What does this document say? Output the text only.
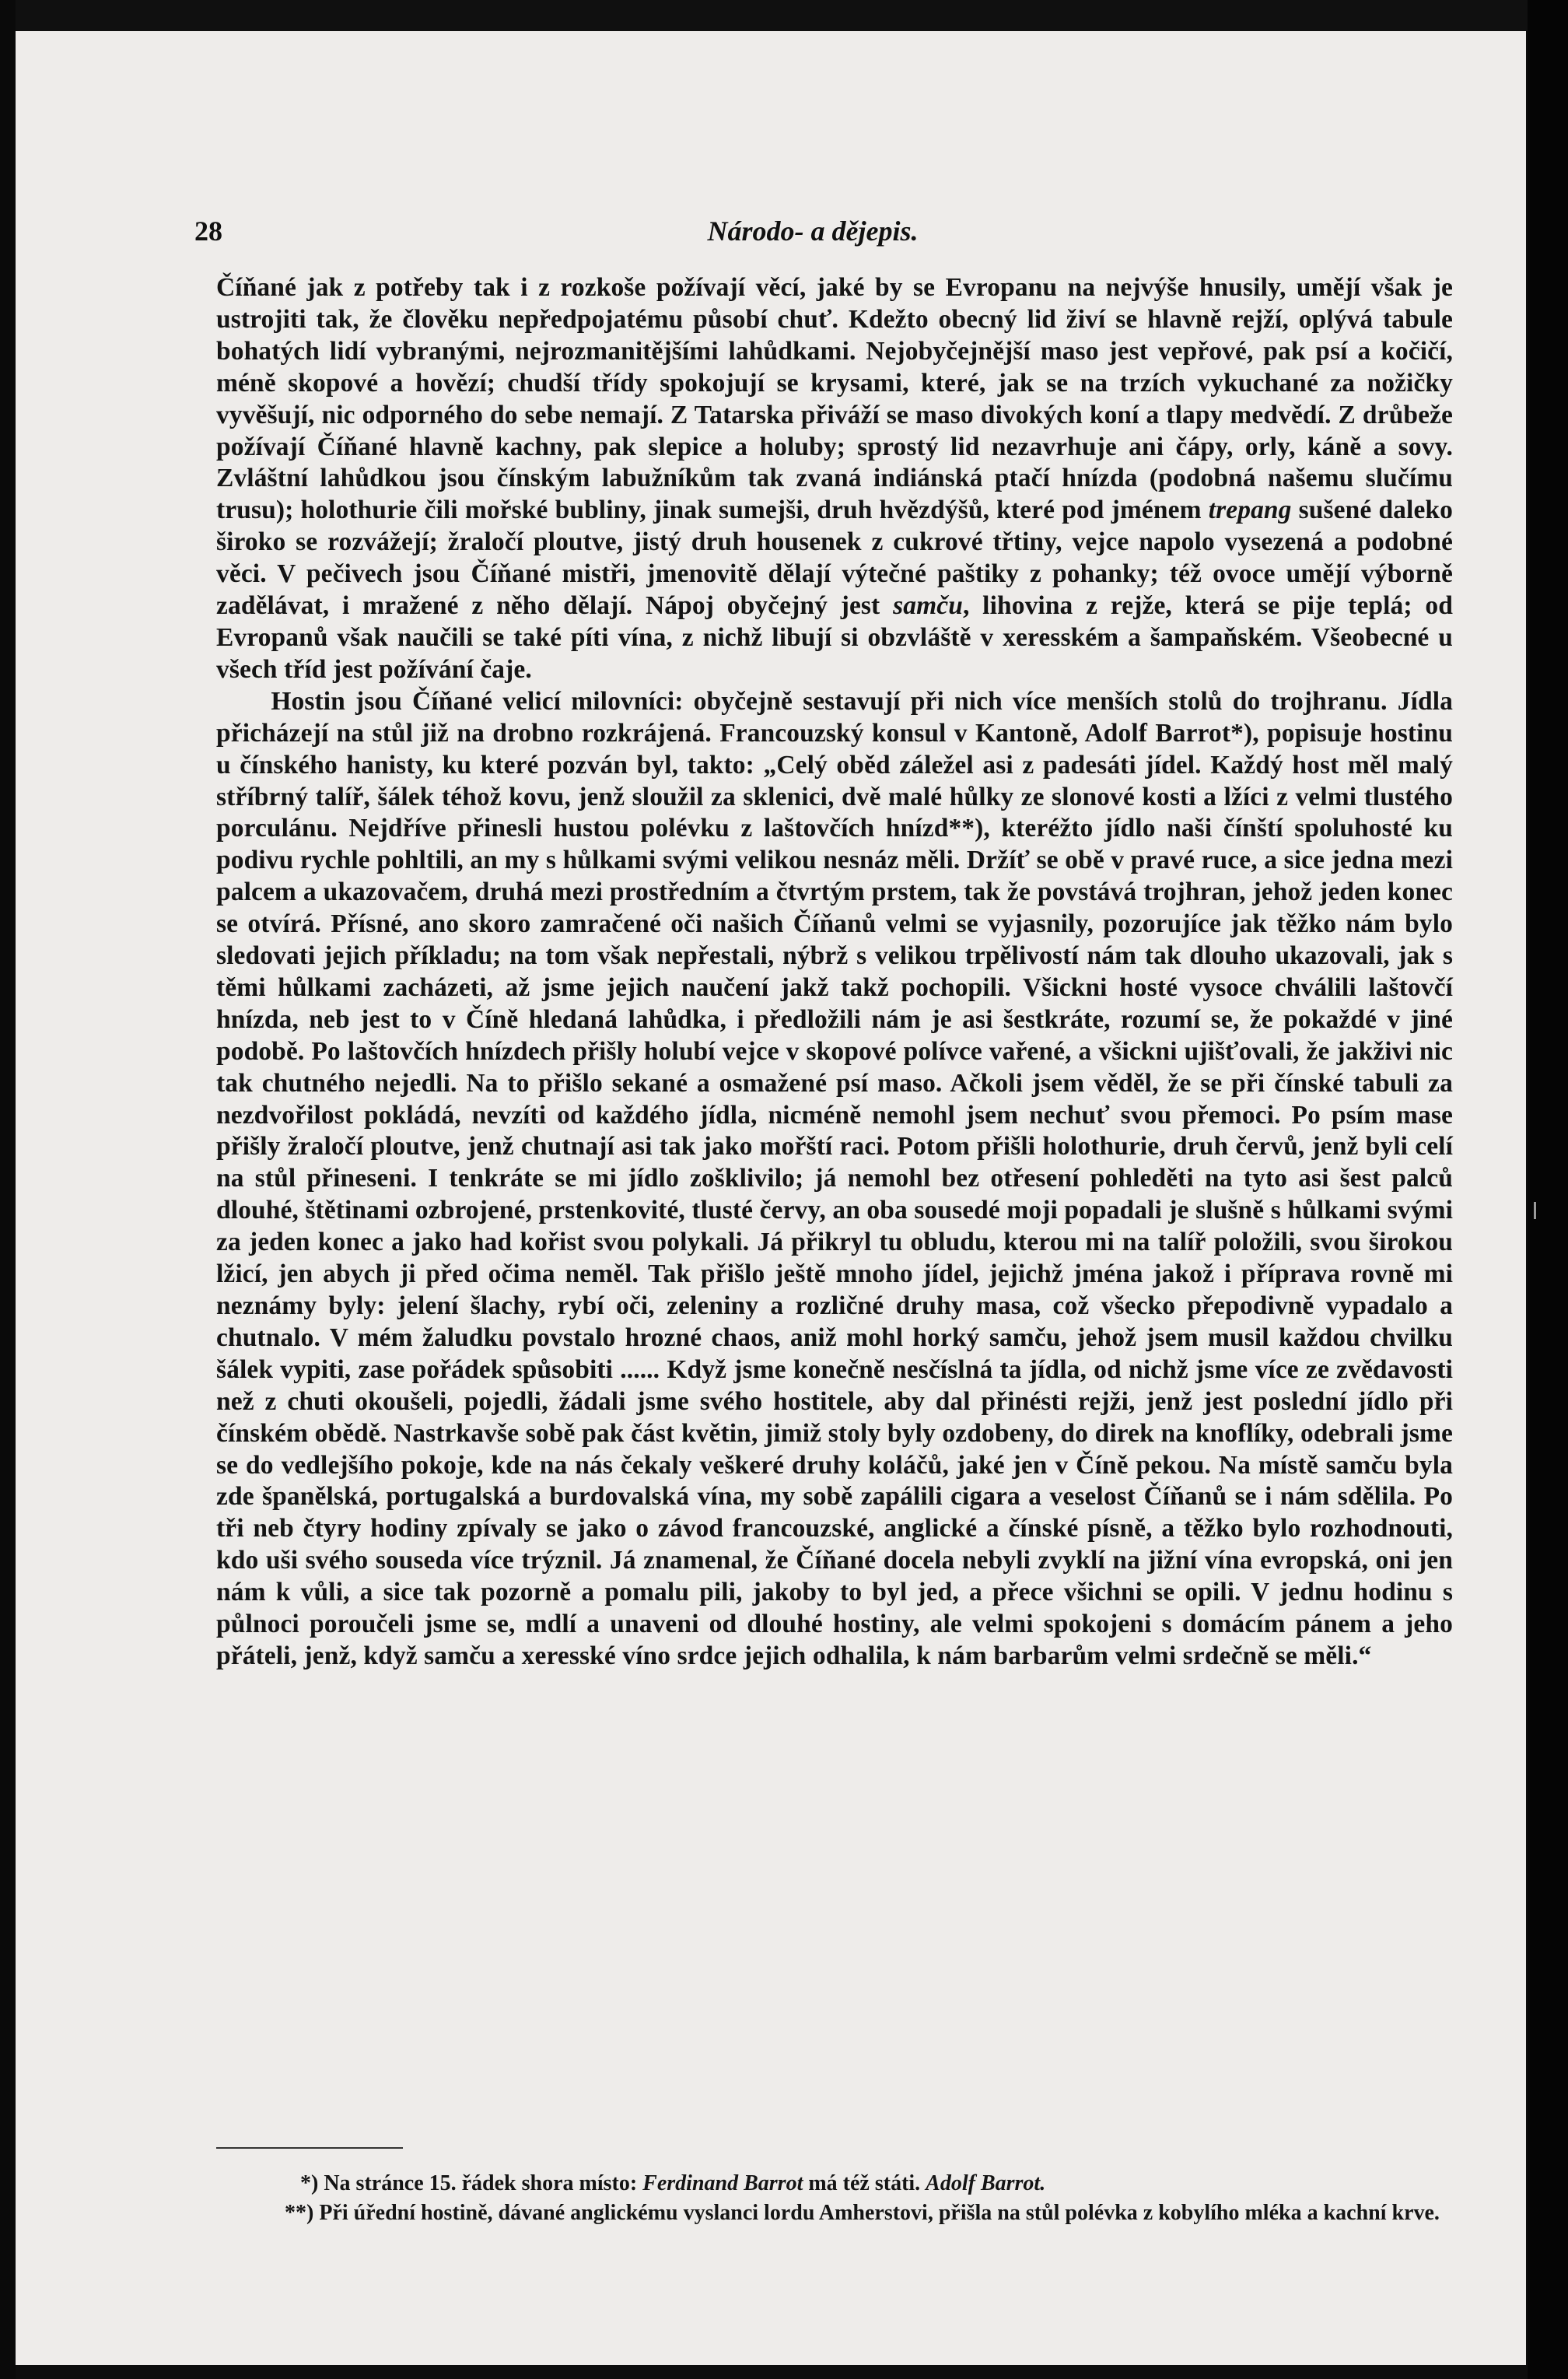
Národo- a dějepis.
28

Číňané jak z potřeby tak i z rozkoše požívají věcí, jaké by se Evropanu na nejvýše hnusily, umějí však je ustrojiti tak, že člověku nepředpojatému působí chuť. Kdežto obecný lid živí se hlavně rejží, oplývá tabule bohatých lidí vybranými, nejrozmanitějšími lahůdkami. Nejobyčejnější maso jest vepřové, pak psí a kočičí, méně skopové a hovězí; chudší třídy spokojují se krysami, které, jak se na trzích vykuchané za nožičky vyvěšují, nic odporného do sebe nemají. Z Tatarska přiváží se maso divokých koní a tlapy medvědí. Z drůbeže požívají Číňané hlavně kachny, pak slepice a holuby; sprostý lid nezavrhuje ani čápy, orly, káně a sovy. Zvláštní lahůdkou jsou čínským labužníkům tak zvaná indiánská ptačí hnízda (podobná našemu slučímu trusu); holothurie čili mořské bubliny, jinak sumejši, druh hvězdýšů, které pod jménem trepang sušené daleko široko se rozvážejí; žraločí ploutve, jistý druh housenek z cukrové třtiny, vejce napolo vysezená a podobné věci. V pečivech jsou Číňané mistři, jmenovitě dělají výtečné paštiky z pohanky; též ovoce umějí výborně zadělávat, i mražené z něho dělají. Nápoj obyčejný jest samču, lihovina z rejže, která se pije teplá; od Evropanů však naučili se také píti vína, z nichž libují si obzvláště v xeresském a šampaňském. Všeobecné u všech tříd jest požívání čaje.

Hostin jsou Číňané velicí milovníci: obyčejně sestavují při nich více menších stolů do trojhranu. Jídla přicházejí na stůl již na drobno rozkrájená. Francouzský konsul v Kantoně, Adolf Barrot*), popisuje hostinu u čínského hanisty, ku které pozván byl, takto: „Celý oběd záležel asi z padesáti jídel. Každý host měl malý stříbrný talíř, šálek téhož kovu, jenž sloužil za sklenici, dvě malé hůlky ze slonové kosti a lžíci z velmi tlustého porculánu. Nejdříve přinesli hustou polévku z laštovčích hnízd**), kteréžto jídlo naši čínští spoluhosté ku podivu rychle pohltili, an my s hůlkami svými velikou nesnáz měli. Držíť se obě v pravé ruce, a sice jedna mezi palcem a ukazovačem, druhá mezi prostředním a čtvrtým prstem, tak že povstává trojhran, jehož jeden konec se otvírá. Přísné, ano skoro zamračené oči našich Číňanů velmi se vyjasnily, pozorujíce jak těžko nám bylo sledovati jejich příkladu; na tom však nepřestali, nýbrž s velikou trpělivostí nám tak dlouho ukazovali, jak s těmi hůlkami zacházeti, až jsme jejich naučení jakž takž pochopili. Všickni hosté vysoce chválili laštovčí hnízda, neb jest to v Číně hledaná lahůdka, i předložili nám je asi šestkráte, rozumí se, že pokaždé v jiné podobě. Po laštovčích hnízdech přišly holubí vejce v skopové polívce vařené, a všickni ujišťovali, že jakživi nic tak chutného nejedli. Na to přišlo sekané a osmažené psí maso. Ačkoli jsem věděl, že se při čínské tabuli za nezdvořilost pokládá, nevzíti od každého jídla, nicméně nemohl jsem nechuť svou přemoci. Po psím mase přišly žraločí ploutve, jenž chutnají asi tak jako mořští raci. Potom přišli holothurie, druh červů, jenž byli celí na stůl přineseni. I tenkráte se mi jídlo zošklivilo; já nemohl bez otřesení pohleděti na tyto asi šest palců dlouhé, štětinami ozbrojené, prstenkovité, tlusté červy, an oba sousedé moji popadali je slušně s hůlkami svými za jeden konec a jako had kořist svou polykali. Já přikryl tu obludu, kterou mi na talíř položili, svou širokou lžicí, jen abych ji před očima neměl. Tak přišlo ještě mnoho jídel, jejichž jména jakož i příprava rovně mi neznámy byly: jelení šlachy, rybí oči, zeleniny a rozličné druhy masa, což všecko přepodivně vypadalo a chutnalo. V mém žaludku povstalo hrozné chaos, aniž mohl horký samču, jehož jsem musil každou chvilku šálek vypiti, zase pořádek spůsobiti ...... Když jsme konečně nesčíslná ta jídla, od nichž jsme více ze zvědavosti než z chuti okoušeli, pojedli, žádali jsme svého hostitele, aby dal přinésti rejži, jenž jest poslední jídlo při čínském obědě. Nastrkavše sobě pak část květin, jimiž stoly byly ozdobeny, do direk na knoflíky, odebrali jsme se do vedlejšího pokoje, kde na nás čekaly veškeré druhy koláčů, jaké jen v Číně pekou. Na místě samču byla zde španělská, portugalská a burdovalská vína, my sobě zapálili cigara a veselost Číňanů se i nám sdělila. Po tři neb čtyry hodiny zpívaly se jako o závod francouzské, anglické a čínské písně, a těžko bylo rozhodnouti, kdo uši svého souseda více trýznil. Já znamenal, že Číňané docela nebyli zvyklí na jižní vína evropská, oni jen nám k vůli, a sice tak pozorně a pomalu pili, jakoby to byl jed, a přece všichni se opili. V jednu hodinu s půlnoci poroučeli jsme se, mdlí a unaveni od dlouhé hostiny, ale velmi spokojeni s domácím pánem a jeho přáteli, jenž, když samču a xeresské víno srdce jejich odhalila, k nám barbarům velmi srdečně se měli.“

*) Na stránce 15. řádek shora místo: Ferdinand Barrot má též státi. Adolf Barrot.

**) Při úřední hostině, dávané anglickému vyslanci lordu Amherstovi, přišla na stůl polévka z kobylího mléka a kachní krve.
